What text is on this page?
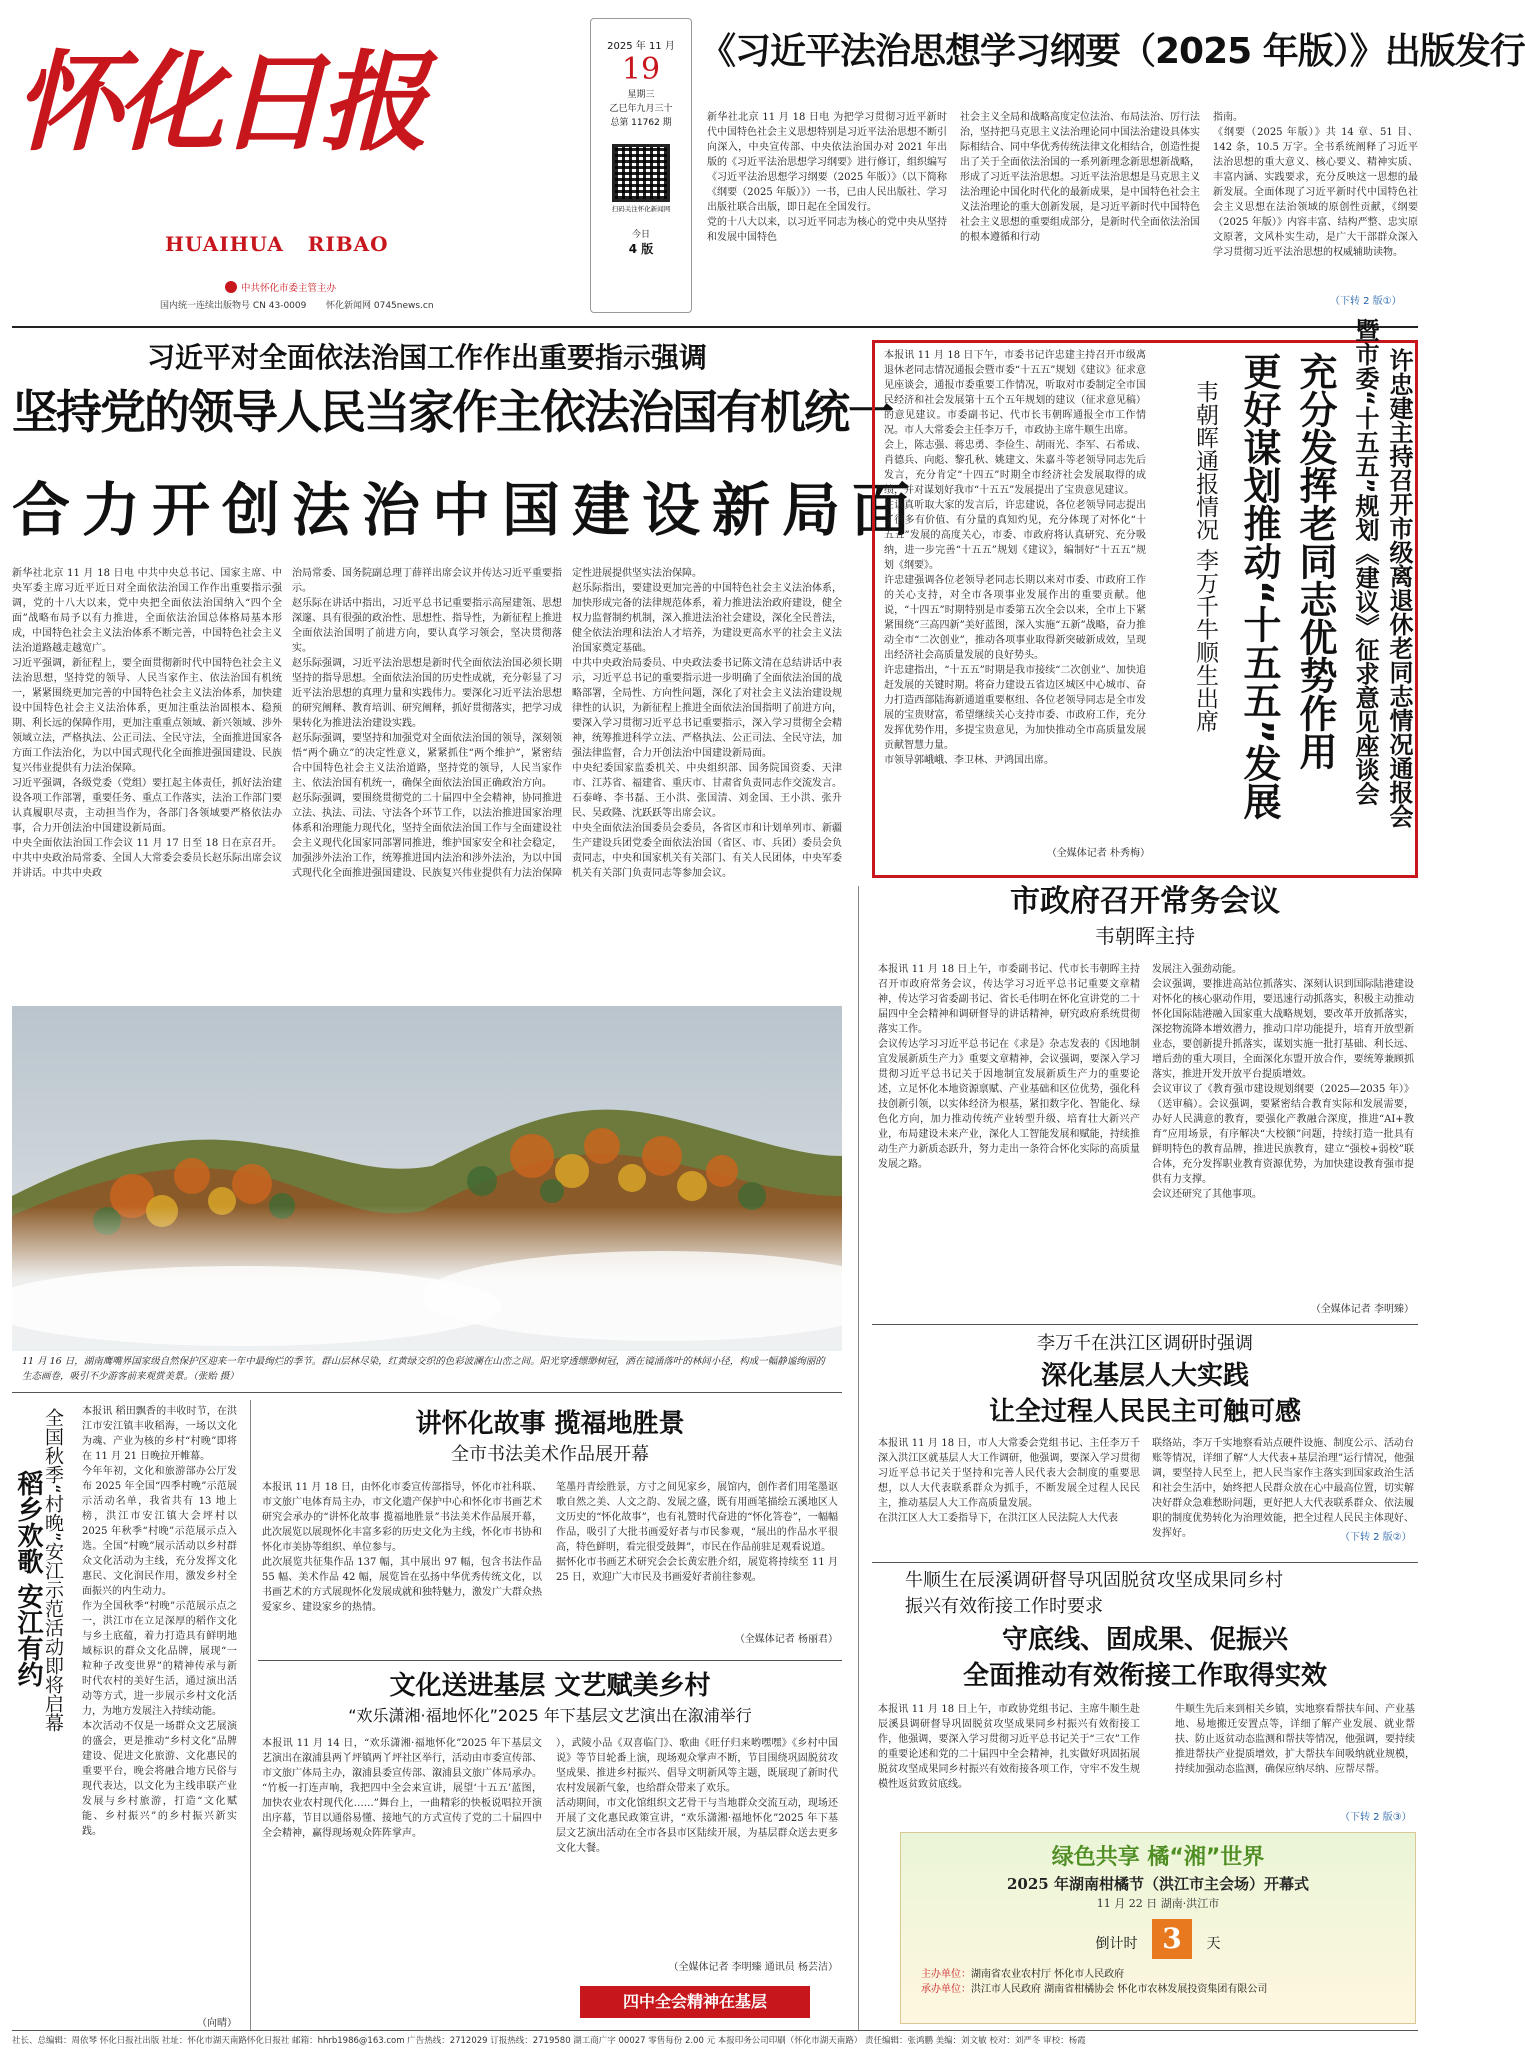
怀化日报
HUAIHUA   RIBAO
中共怀化市委主管主办
国内统一连续出版物号 CN 43-0009 怀化新闻网 0745news.cn
2025 年 11 月
19
星期三
乙巳年九月三十
总第 11762 期
扫码关注怀化新闻网
今日
4 版
《习近平法治思想学习纲要（2025 年版）》出版发行
新华社北京 11 月 18 日电 为把学习贯彻习近平新时代中国特色社会主义思想特别是习近平法治思想不断引向深入，中央宣传部、中央依法治国办对 2021 年出版的《习近平法治思想学习纲要》进行修订，组织编写《习近平法治思想学习纲要（2025 年版）》（以下简称《纲要（2025 年版）》）一书，已由人民出版社、学习出版社联合出版，即日起在全国发行。
党的十八大以来，以习近平同志为核心的党中央从坚持和发展中国特色
社会主义全局和战略高度定位法治、布局法治、厉行法治，坚持把马克思主义法治理论同中国法治建设具体实际相结合、同中华优秀传统法律文化相结合，创造性提出了关于全面依法治国的一系列新理念新思想新战略，形成了习近平法治思想。习近平法治思想是马克思主义法治理论中国化时代化的最新成果，是中国特色社会主义法治理论的重大创新发展，是习近平新时代中国特色社会主义思想的重要组成部分，是新时代全面依法治国的根本遵循和行动
指南。
《纲要（2025 年版）》共 14 章、51 目、142 条，10.5 万字。全书系统阐释了习近平法治思想的重大意义、核心要义、精神实质、丰富内涵、实践要求，充分反映这一思想的最新发展。全面体现了习近平新时代中国特色社会主义思想在法治领域的原创性贡献，《纲要（2025 年版）》内容丰富、结构严整、忠实原文原著，文风朴实生动，是广大干部群众深入学习贯彻习近平法治思想的权威辅助读物。
（下转 2 版①）
习近平对全面依法治国工作作出重要指示强调
坚持党的领导人民当家作主依法治国有机统一
合力开创法治中国建设新局面
新华社北京 11 月 18 日电 中共中央总书记、国家主席、中央军委主席习近平近日对全面依法治国工作作出重要指示强调，党的十八大以来，党中央把全面依法治国纳入“四个全面”战略布局予以有力推进，全面依法治国总体格局基本形成，中国特色社会主义法治体系不断完善，中国特色社会主义法治道路越走越宽广。
习近平强调，新征程上，要全面贯彻新时代中国特色社会主义法治思想，坚持党的领导、人民当家作主、依法治国有机统一，紧紧围绕更加完善的中国特色社会主义法治体系，加快建设中国特色社会主义法治体系，更加注重法治固根本、稳预期、利长远的保障作用，更加注重重点领域、新兴领域、涉外领域立法，严格执法、公正司法、全民守法，全面推进国家各方面工作法治化，为以中国式现代化全面推进强国建设、民族复兴伟业提供有力法治保障。
习近平强调，各级党委（党组）要扛起主体责任，抓好法治建设各项工作部署，重要任务、重点工作落实，法治工作部门要认真履职尽责，主动担当作为，各部门各领域要严格依法办事，合力开创法治中国建设新局面。
中央全面依法治国工作会议 11 月 17 日至 18 日在京召开。中共中央政治局常委、全国人大常委会委员长赵乐际出席会议并讲话。中共中央政
治局常委、国务院副总理丁薛祥出席会议并传达习近平重要指示。
赵乐际在讲话中指出，习近平总书记重要指示高屋建瓴、思想深邃、具有很强的政治性、思想性、指导性，为新征程上推进全面依法治国明了前进方向，要认真学习领会，坚决贯彻落实。
赵乐际强调，习近平法治思想是新时代全面依法治国必须长期坚持的指导思想。全面依法治国的历史性成就，充分彰显了习近平法治思想的真理力量和实践伟力。要深化习近平法治思想的研究阐释、教育培训、研究阐释，抓好贯彻落实，把学习成果转化为推进法治建设实践。
赵乐际强调，要坚持和加强党对全面依法治国的领导，深刻领悟“两个确立”的决定性意义，紧紧抓住“两个维护”，紧密结合中国特色社会主义法治道路，坚持党的领导，人民当家作主、依法治国有机统一，确保全面依法治国正确政治方向。
赵乐际强调，要围绕贯彻党的二十届四中全会精神，协同推进立法、执法、司法、守法各个环节工作，以法治推进国家治理体系和治理能力现代化，坚持全面依法治国工作与全面建设社会主义现代化国家同部署同推进，维护国家安全和社会稳定，加强涉外法治工作，统筹推进国内法治和涉外法治，为以中国式现代化全面推进强国建设、民族复兴伟业提供有力法治保障
定性进展提供坚实法治保障。
赵乐际指出，要建设更加完善的中国特色社会主义法治体系，加快形成完备的法律规范体系，着力推进法治政府建设，健全权力监督制约机制，深入推进法治社会建设，深化全民普法，健全依法治理和法治人才培养，为建设更高水平的社会主义法治国家奠定基础。
中共中央政治局委员、中央政法委书记陈文清在总结讲话中表示，习近平总书记的重要指示进一步明确了全面依法治国的战略部署，全局性、方向性问题，深化了对社会主义法治建设规律性的认识，为新征程上推进全面依法治国指明了前进方向，要深入学习贯彻习近平总书记重要指示，深入学习贯彻全会精神，统筹推进科学立法、严格执法、公正司法、全民守法，加强法律监督，合力开创法治中国建设新局面。
中央纪委国家监委机关、中央组织部、国务院国资委、天津市、江苏省、福建省、重庆市、甘肃省负责同志作交流发言。
石泰峰、李书磊、王小洪、张国清、刘金国、王小洪、张升民、吴政隆、沈跃跃等出席会议。
中央全面依法治国委员会委员，各省区市和计划单列市、新疆生产建设兵团党委全面依法治国（省区、市、兵团）委员会负责同志，中央和国家机关有关部门、有关人民团体，中央军委机关有关部门负责同志等参加会议。
本报讯 11 月 18 日下午，市委书记许忠建主持召开市级离退休老同志情况通报会暨市委“十五五”规划《建议》征求意见座谈会，通报市委重要工作情况，听取对市委制定全市国民经济和社会发展第十五个五年规划的建议（征求意见稿）的意见建议。市委副书记、代市长韦朝晖通报全市工作情况。市人大常委会主任李万千，市政协主席牛顺生出席。
会上，陈志强、蒋忠勇、李俭生、胡雨光、李军、石希成、肖德兵、向彪、黎孔秋、姚建文、朱嘉斗等老领导同志先后发言，充分肯定“十四五”时期全市经济社会发展取得的成绩，并对谋划好我市“十五五”发展提出了宝贵意见建议。
在认真听取大家的发言后，许忠建说，各位老领导同志提出了很多有价值、有分量的真知灼见，充分体现了对怀化“十五五”发展的高度关心，市委、市政府将认真研究、充分吸纳，进一步完善“十五五”规划《建议》，编制好“十五五”规划《纲要》。
许忠建强调各位老领导老同志长期以来对市委、市政府工作的关心支持，对全市各项事业发展作出的重要贡献。他说，“十四五”时期特别是市委第五次全会以来，全市上下紧紧围绕“三高四新”美好蓝图，深入实施“五新”战略，奋力推动全市“二次创业”，推动各项事业取得新突破新成效，呈现出经济社会高质量发展的良好势头。
许忠建指出，“十五五”时期是我市接续“二次创业”、加快追赶发展的关键时期。将奋力建设五省边区城区中心城市、奋力打造西部陆海新通道重要枢纽、各位老领导同志是全市发展的宝贵财富，希望继续关心支持市委、市政府工作，充分发挥优势作用，多提宝贵意见，为加快推动全市高质量发展贡献智慧力量。
市领导郭峨峨、李卫林、尹鸿国出席。
（全媒体记者 朴秀梅）
许忠建主持召开市级离退休老同志情况通报会
暨市委“十五五”规划《建议》征求意见座谈会
充分发挥老同志优势作用
更好谋划推动“十五五”发展
韦朝晖通报情况 李万千牛顺生出席
市政府召开常务会议
韦朝晖主持
本报讯 11 月 18 日上午，市委副书记、代市长韦朝晖主持召开市政府常务会议，传达学习习近平总书记重要文章精神，传达学习省委副书记、省长毛伟明在怀化宣讲党的二十届四中全会精神和调研督导的讲话精神，研究政府系统贯彻落实工作。
会议传达学习习近平总书记在《求是》杂志发表的《因地制宜发展新质生产力》重要文章精神，会议强调，要深入学习贯彻习近平总书记关于因地制宜发展新质生产力的重要论述，立足怀化本地资源禀赋、产业基础和区位优势，强化科技创新引领，以实体经济为根基，紧扣数字化、智能化、绿色化方向，加力推动传统产业转型升级、培育壮大新兴产业，布局建设未来产业，深化人工智能发展和赋能，持续推动生产力新质态跃升，努力走出一条符合怀化实际的高质量发展之路。
发展注入强劲动能。
会议强调，要推进高站位抓落实、深刻认识到国际陆港建设对怀化的核心驱动作用，要迅速行动抓落实，积极主动推动怀化国际陆港融入国家重大战略规划，要改革开放抓落实，深挖物流降本增效潜力，推动口岸功能提升，培育开放型新业态，要创新提升抓落实，谋划实施一批打基础、利长远、增后劲的重大项目，全面深化东盟开放合作，要统筹兼顾抓落实，推进开发开放平台提质增效。
会议审议了《教育强市建设规划纲要（2025—2035 年）》（送审稿）。会议强调，要紧密结合教育实际和发展需要，办好人民满意的教育，要强化产教融合深度，推进“AI+教育”应用场景，有序解决“大校额”问题，持续打造一批具有鲜明特色的教育品牌，推进民族教育，建立“强校+弱校”联合体，充分发挥职业教育资源优势，为加快建设教育强市提供有力支撑。
会议还研究了其他事项。
（全媒体记者 李明臻）
11 月 16 日，湖南鹰嘴界国家级自然保护区迎来一年中最绚烂的季节。群山层林尽染，红黄绿交织的色彩波澜在山峦之间。阳光穿透缥缈树冠，洒在镜涌落叶的林间小径，构成一幅静谧绚丽的生态画卷，吸引不少游客前来观赏美景。（张贻 摄）
李万千在洪江区调研时强调
深化基层人大实践
让全过程人民民主可触可感
本报讯 11 月 18 日，市人大常委会党组书记、主任李万千深入洪江区就基层人大工作调研，他强调，要深入学习贯彻习近平总书记关于坚持和完善人民代表大会制度的重要思想，以人大代表联系群众为抓手，不断发展全过程人民民主，推动基层人大工作高质量发展。
在洪江区人大工委指导下，在洪江区人民法院人大代表
联络站，李万千实地察看站点硬件设施、制度公示、活动台账等情况，详细了解“人大代表+基层治理”运行情况，他强调，要坚持人民至上，把人民当家作主落实到国家政治生活和社会生活中，始终把人民群众放在心中最高位置，切实解决好群众急难愁盼问题，更好把人大代表联系群众、依法履职的制度优势转化为治理效能，把全过程人民民主体现好、发挥好。	（下转 2 版②）
牛顺生在辰溪调研督导巩固脱贫攻坚成果同乡村
振兴有效衔接工作时要求
守底线、固成果、促振兴
全面推动有效衔接工作取得实效
本报讯 11 月 18 日上午，市政协党组书记、主席牛顺生赴辰溪县调研督导巩固脱贫攻坚成果同乡村振兴有效衔接工作，他强调，要深入学习贯彻习近平总书记关于“三农”工作的重要论述和党的二十届四中全会精神，扎实做好巩固拓展脱贫攻坚成果同乡村振兴有效衔接各项工作，守牢不发生规模性返贫致贫底线。
牛顺生先后来到相关乡镇，实地察看帮扶车间、产业基地、易地搬迁安置点等，详细了解产业发展、就业帮扶、防止返贫动态监测和帮扶等情况，他强调，要持续推进帮扶产业提质增效，扩大帮扶车间吸纳就业规模，持续加强动态监测，确保应纳尽纳、应帮尽帮。
（下转 2 版③）
绿色共享 橘“湘”世界
2025 年湖南柑橘节（洪江市主会场）开幕式
11 月 22 日 湖南·洪江市
倒计时 3 天
主办单位：湖南省农业农村厅 怀化市人民政府
承办单位：洪江市人民政府 湖南省柑橘协会 怀化市农林发展投资集团有限公司
全国秋季“村晚”安江示范活动即将启幕
稻乡欢歌 安江有约
本报讯 稻田飘香的丰收时节，在洪江市安江镇丰收稻海，一场以文化为魂、产业为核的乡村“村晚”即将在 11 月 21 日晚拉开帷幕。
今年年初，文化和旅游部办公厅发布 2025 年全国“四季村晚”示范展示活动名单，我省共有 13 地上榜，洪江市安江镇大会坪村以 2025 年秋季“村晚”示范展示点入选。全国“村晚”展示活动以乡村群众文化活动为主线，充分发挥文化惠民、文化润民作用，激发乡村全面振兴的内生动力。
作为全国秋季“村晚”示范展示点之一，洪江市在立足深厚的稻作文化与乡土底蕴，着力打造具有鲜明地域标识的群众文化品牌，展现“一粒种子改变世界”的精神传承与新时代农村的美好生活，通过演出活动等方式，进一步展示乡村文化活力，为地方发展注入持续动能。
本次活动不仅是一场群众文艺展演的盛会，更是推动“乡村文化”品牌建设、促进文化旅游、文化惠民的重要平台，晚会将融合地方民俗与现代表达，以文化为主线串联产业发展与乡村旅游，打造“文化赋能、乡村振兴”的乡村振兴新实践。
（向晴）
讲怀化故事 揽福地胜景
全市书法美术作品展开幕
本报讯 11 月 18 日，由怀化市委宣传部指导，怀化市社科联、市文旅广电体育局主办，市文化遗产保护中心和怀化市书画艺术研究会承办的“讲怀化故事 揽福地胜景”书法美术作品展开幕，此次展览以展现怀化丰富多彩的历史文化为主线，怀化市书协和怀化市美协等组织、单位参与。
此次展览共征集作品 137 幅，其中展出 97 幅，包含书法作品 55 幅、美术作品 42 幅，展览旨在弘扬中华优秀传统文化，以书画艺术的方式展现怀化发展成就和独特魅力，激发广大群众热爱家乡、建设家乡的热情。
笔墨丹青绘胜景，方寸之间见家乡，展馆内，创作者们用笔墨讴歌自然之美、人文之韵、发展之盛，既有用画笔描绘五溪地区人文历史的“怀化故事”，也有礼赞时代奋进的“怀化答卷”，一幅幅作品，吸引了大批书画爱好者与市民参观，“展出的作品水平很高，特色鲜明，看完很受鼓舞”，市民在作品前驻足观看说道。
据怀化市书画艺术研究会会长黄宏胜介绍，展览将持续至 11 月 25 日，欢迎广大市民及书画爱好者前往参观。
（全媒体记者 杨丽君）
文化送进基层 文艺赋美乡村
“欢乐潇湘·福地怀化”2025 年下基层文艺演出在溆浦举行
本报讯 11 月 14 日，“欢乐潇湘·福地怀化”2025 年下基层文艺演出在溆浦县两丫坪镇两丫坪社区举行，活动由市委宣传部、市文旅广体局主办，溆浦县委宣传部、溆浦县文旅广体局承办。
“竹板一打连声响，我把四中全会来宣讲，展望‘十五五’蓝图，加快农业农村现代化……”舞台上，一曲精彩的快板说唱拉开演出序幕，节目以通俗易懂、接地气的方式宣传了党的二十届四中全会精神，赢得现场观众阵阵掌声。
），武陵小品《双喜临门》、歌曲《旺仔归来哟嘿嘿》《乡村中国说》等节目轮番上演，现场观众掌声不断，节目围绕巩固脱贫攻坚成果、推进乡村振兴、倡导文明新风等主题，既展现了新时代农村发展新气象，也给群众带来了欢乐。
活动期间，市文化馆组织文艺骨干与当地群众交流互动，现场还开展了文化惠民政策宣讲，“欢乐潇湘·福地怀化”2025 年下基层文艺演出活动在全市各县市区陆续开展，为基层群众送去更多文化大餐。
（全媒体记者 李明臻 通讯员 杨芸洁）
四中全会精神在基层
社长、总编辑：周依琴 怀化日报社出版 社址：怀化市湖天南路怀化日报社 邮箱：hhrb1986@163.com 广告热线：2712029 订报热线：2719580 湖工商广字 00027 零售每份 2.00 元 本报印务公司印刷（怀化市湖天南路） 责任编辑：张鸿鹏 美编：刘文敏 校对：刘严冬 审校：杨霞
